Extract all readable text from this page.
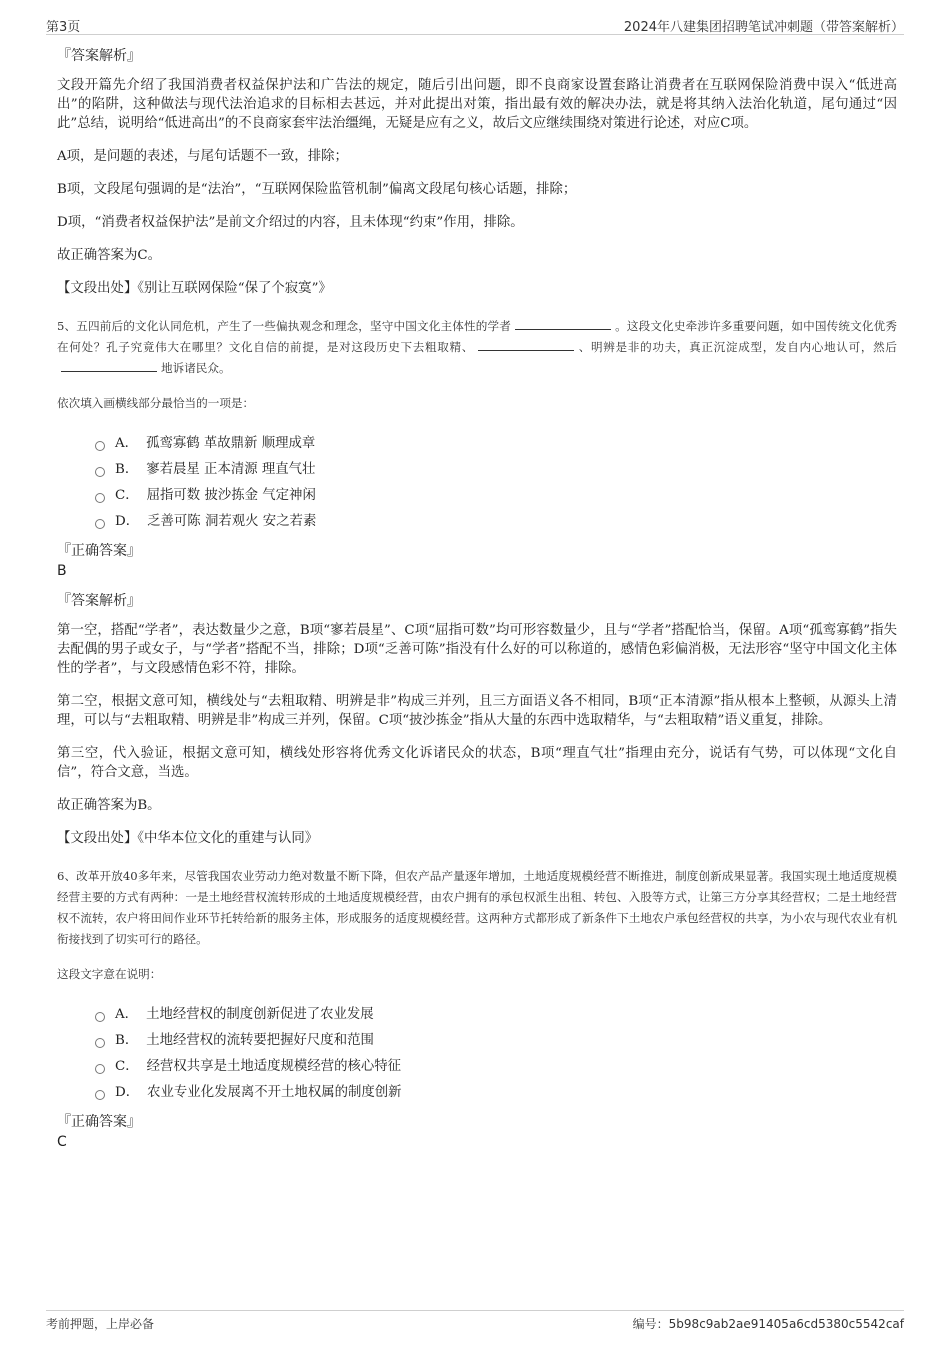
第3页	2024年八建集团招聘笔试冲刺题（带答案解析）
『答案解析』
文段开篇先介绍了我国消费者权益保护法和广告法的规定，随后引出问题，即不良商家设置套路让消费者在互联网保险消费中误入“低进高出”的陷阱，这种做法与现代法治追求的目标相去甚远，并对此提出对策，指出最有效的解决办法，就是将其纳入法治化轨道，尾句通过“因此”总结，说明给“低进高出”的不良商家套牢法治缰绳，无疑是应有之义，故后文应继续围绕对策进行论述，对应C项。
A项，是问题的表述，与尾句话题不一致，排除；
B项，文段尾句强调的是“法治”，“互联网保险监管机制”偏离文段尾句核心话题，排除；
D项，“消费者权益保护法”是前文介绍过的内容，且未体现“约束”作用，排除。
故正确答案为C。
【文段出处】《别让互联网保险“保了个寂寞”》
5、五四前后的文化认同危机，产生了一些偏执观念和理念，坚守中国文化主体性的学者	。这段文化史牵涉许多重要问题，如中国传统文化优秀在何处？孔子究竟伟大在哪里？文化自信的前提，是对这段历史下去粗取精、	、明辨是非的功夫，真正沉淀成型，发自内心地认可，然后地诉诸民众。
依次填入画横线部分最恰当的一项是：
A． 孤鸾寡鹤 革故鼎新 顺理成章
B． 寥若晨星 正本清源 理直气壮
C． 屈指可数 披沙拣金 气定神闲
D． 乏善可陈 洞若观火 安之若素
『正确答案』
B
『答案解析』
第一空，搭配“学者”，表达数量少之意，B项“寥若晨星”、C项“屈指可数”均可形容数量少，且与“学者”搭配恰当，保留。A项“孤鸾寡鹤”指失去配偶的男子或女子，与“学者”搭配不当，排除；D项“乏善可陈”指没有什么好的可以称道的，感情色彩偏消极，无法形容“坚守中国文化主体性的学者”，与文段感情色彩不符，排除。
第二空，根据文意可知，横线处与“去粗取精、明辨是非”构成三并列，且三方面语义各不相同，B项“正本清源”指从根本上整顿，从源头上清理，可以与“去粗取精、明辨是非”构成三并列，保留。C项“披沙拣金”指从大量的东西中选取精华，与“去粗取精”语义重复，排除。
第三空，代入验证，根据文意可知，横线处形容将优秀文化诉诸民众的状态，B项“理直气壮”指理由充分，说话有气势，可以体现“文化自信”，符合文意，当选。
故正确答案为B。
【文段出处】《中华本位文化的重建与认同》
6、改革开放40多年来，尽管我国农业劳动力绝对数量不断下降，但农产品产量逐年增加，土地适度规模经营不断推进，制度创新成果显著。我国实现土地适度规模经营主要的方式有两种：一是土地经营权流转形成的土地适度规模经营，由农户拥有的承包权派生出租、转包、入股等方式，让第三方分享其经营权；二是土地经营权不流转，农户将田间作业环节托转给新的服务主体，形成服务的适度规模经营。这两种方式都形成了新条件下土地农户承包经营权的共享，为小农与现代农业有机衔接找到了切实可行的路径。
这段文字意在说明：
A． 土地经营权的制度创新促进了农业发展
B． 土地经营权的流转要把握好尺度和范围
C． 经营权共享是土地适度规模经营的核心特征
D． 农业专业化发展离不开土地权属的制度创新
『正确答案』
C
考前押题，上岸必备	编号：5b98c9ab2ae91405a6cd5380c5542caf
